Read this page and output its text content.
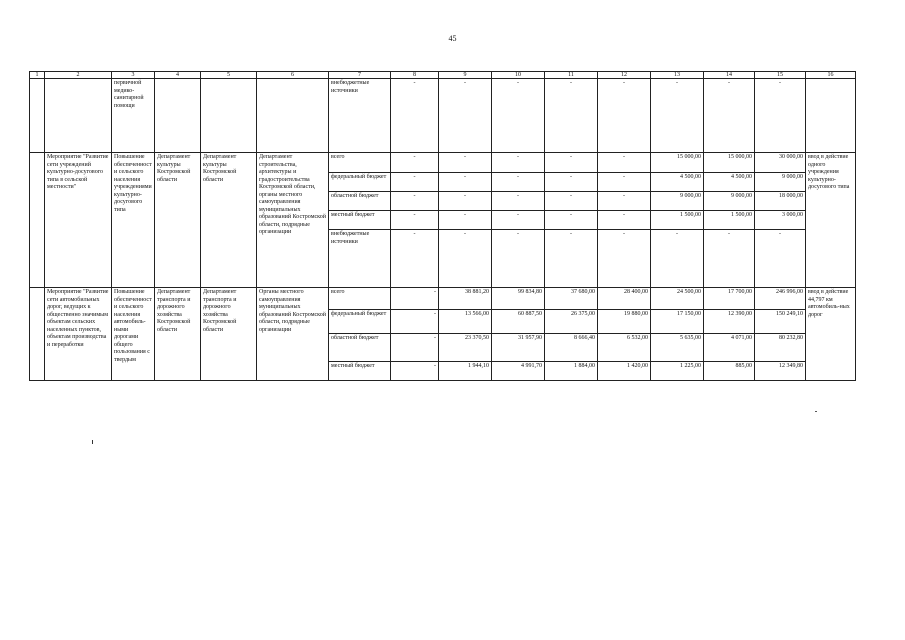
45
1	2	3	4	5	6	7	8	9	10	11	12	13	14	15	16
		первичной медико-санитарной помощи				внебюджетные источники	-	-	-	-	-	-	-	-	
	Мероприятие "Развитие сети учреждений культурно-досугового типа в сельской местности"	Повышение обеспеченности сельского населения учреждениями культурно-досугового типа	Департамент культуры Костромской области	Департамент культуры Костромской области	Департамент строительства, архитектуры и градостроительства Костромской области, органы местного самоуправления муниципальных образований Костромской области, подрядные организации	всего	-	-	-	-	-	15 000,00	15 000,00	30 000,00	ввод в действие одного учреждения культурно-досугового типа
						федеральный бюджет	-	-	-	-	-	4 500,00	4 500,00	9 000,00	
						областной бюджет	-	-	-	-	-	9 000,00	9 000,00	18 000,00	
						местный бюджет	-	-	-	-	-	1 500,00	1 500,00	3 000,00	
						внебюджетные источники	-	-	-	-	-	-	-	-	
	Мероприятие "Развитие сети автомобильных дорог, ведущих к общественно значимым объектам сельских населенных пунктов, объектам производства и переработки	Повышение обеспеченности сельского населения автомобиль-ными дорогами общего пользования с твердым	Департамент транспорта и дорожного хозяйства Костромской области	Департамент транспорта и дорожного хозяйства Костромской области	Органы местного самоуправления муниципальных образований Костромской области, подрядные организации	всего	-	38 881,20	99 834,80	37 680,00	28 400,00	24 500,00	17 700,00	246 996,00	ввод в действие 44,797 км автомобиль-ных дорог
						федеральный бюджет	-	13 566,00	60 887,50	26 375,00	19 880,00	17 150,00	12 390,00	150 249,10	
						областной бюджет	-	23 370,50	31 957,90	8 666,40	6 532,00	5 635,00	4 071,00	80 232,80	
						местный бюджет	-	1 944,10	4 991,70	1 884,00	1 420,00	1 225,00	885,00	12 349,80	
